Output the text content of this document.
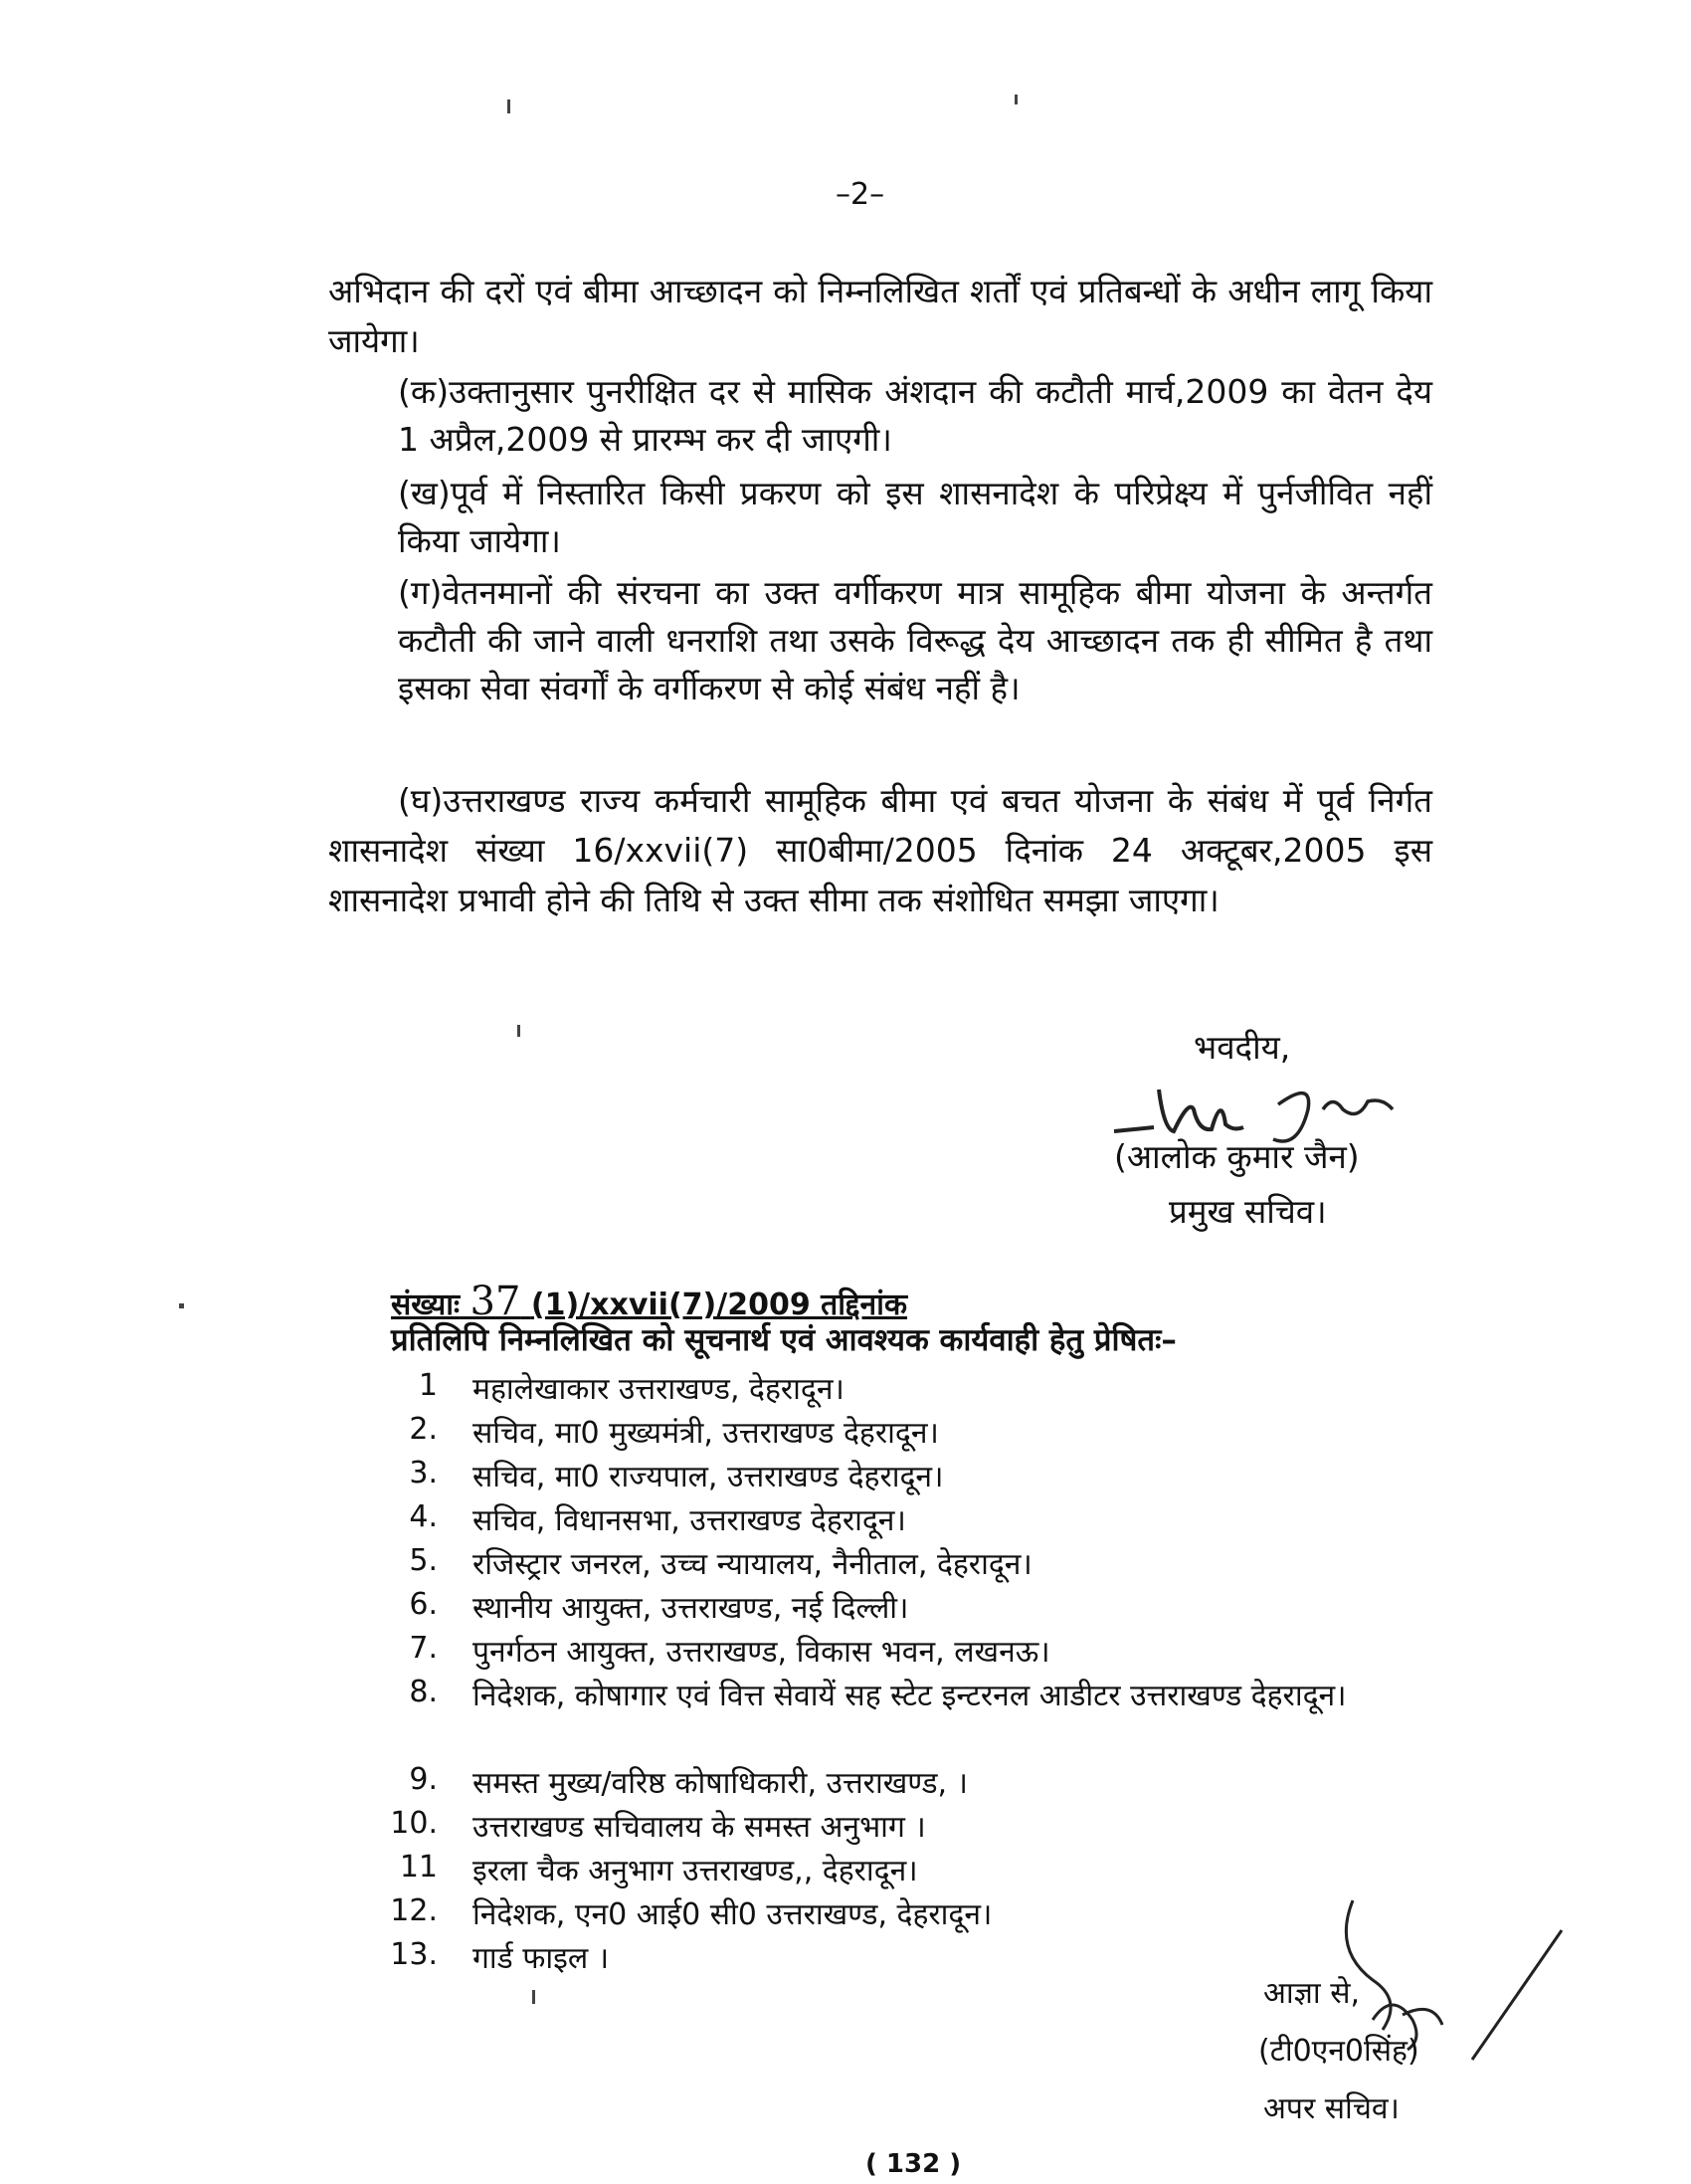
–2–

अभिदान की दरों एवं बीमा आच्छादन को निम्नलिखित शर्तों एवं प्रतिबन्धों के अधीन लागू किया जायेगा।

(क)उक्तानुसार पुनरीक्षित दर से मासिक अंशदान की कटौती मार्च,2009 का वेतन देय 1 अप्रैल,2009 से प्रारम्भ कर दी जाएगी।
(ख)पूर्व में निस्तारित किसी प्रकरण को इस शासनादेश के परिप्रेक्ष्य में पुर्नजीवित नहीं किया जायेगा।
(ग)वेतनमानों की संरचना का उक्त वर्गीकरण मात्र सामूहिक बीमा योजना के अन्तर्गत कटौती की जाने वाली धनराशि तथा उसके विरूद्ध देय आच्छादन तक ही सीमित है तथा इसका सेवा संवर्गों के वर्गीकरण से कोई संबंध नहीं है।
(घ)उत्तराखण्ड राज्य कर्मचारी सामूहिक बीमा एवं बचत योजना के संबंध में पूर्व निर्गत शासनादेश संख्या 16/xxvii(7) सा0बीमा/2005 दिनांक 24 अक्टूबर,2005 इस शासनादेश प्रभावी होने की तिथि से उक्त सीमा तक संशोधित समझा जाएगा।
भवदीय,
(आलोक कुमार जैन)
प्रमुख सचिव।
संख्याः 37 (1)/xxvii(7)/2009 तद्दिनांक
प्रतिलिपि निम्नलिखित को सूचनार्थ एवं आवश्यक कार्यवाही हेतु प्रेषितः–
1 महालेखाकार उत्तराखण्ड, देहरादून।
2. सचिव, मा0 मुख्यमंत्री, उत्तराखण्ड देहरादून।
3. सचिव, मा0 राज्यपाल, उत्तराखण्ड देहरादून।
4. सचिव, विधानसभा, उत्तराखण्ड देहरादून।
5. रजिस्ट्रार जनरल, उच्च न्यायालय, नैनीताल, देहरादून।
6. स्थानीय आयुक्त, उत्तराखण्ड, नई दिल्ली।
7. पुनर्गठन आयुक्त, उत्तराखण्ड, विकास भवन, लखनऊ।
8. निदेशक, कोषागार एवं वित्त सेवायें सह स्टेट इन्टरनल आडीटर उत्तराखण्ड देहरादून।
9. समस्त मुख्य/वरिष्ठ कोषाधिकारी, उत्तराखण्ड, ।
10. उत्तराखण्ड सचिवालय के समस्त अनुभाग ।
11 इरला चैक अनुभाग उत्तराखण्ड,, देहरादून।
12. निदेशक, एन0 आई0 सी0 उत्तराखण्ड, देहरादून।
13. गार्ड फाइल ।
आज्ञा से,
(टी0एन0सिंह)
अपर सचिव।
( 132 )
